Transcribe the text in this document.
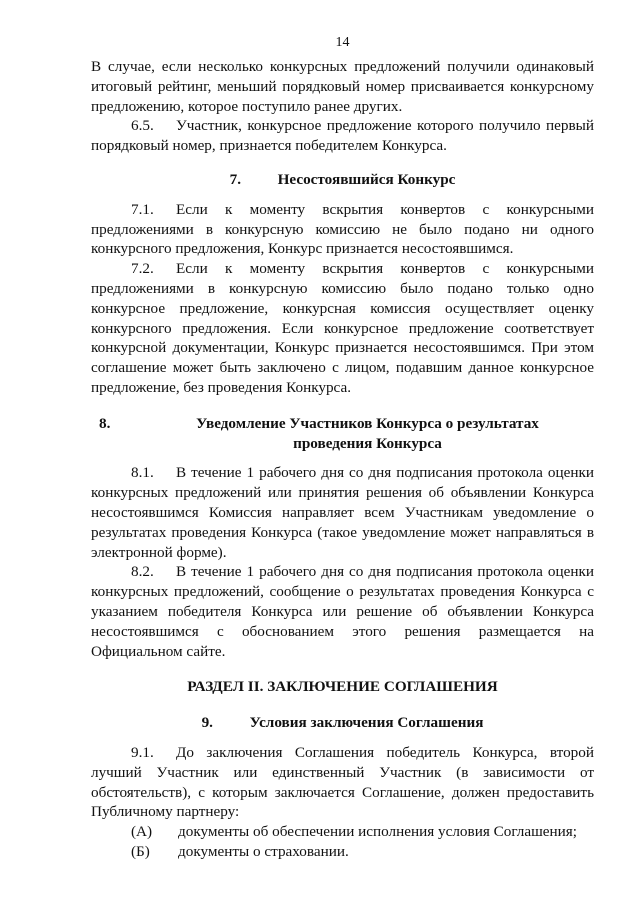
14

В случае, если несколько конкурсных предложений получили одинаковый итоговый рейтинг, меньший порядковый номер присваивается конкурсному предложению, которое поступило ранее других.

6.5. Участник, конкурсное предложение которого получило первый порядковый номер, признается победителем Конкурса.

7. Несостоявшийся Конкурс

7.1. Если к моменту вскрытия конвертов с конкурсными предложениями в конкурсную комиссию не было подано ни одного конкурсного предложения, Конкурс признается несостоявшимся.

7.2. Если к моменту вскрытия конвертов с конкурсными предложениями в конкурсную комиссию было подано только одно конкурсное предложение, конкурсная комиссия осуществляет оценку конкурсного предложения. Если конкурсное предложение соответствует конкурсной документации, Конкурс признается несостоявшимся. При этом соглашение может быть заключено с лицом, подавшим данное конкурсное предложение, без проведения Конкурса.

8.	Уведомление Участников Конкурса о результатах проведения Конкурса

8.1. В течение 1 рабочего дня со дня подписания протокола оценки конкурсных предложений или принятия решения об объявлении Конкурса несостоявшимся Комиссия направляет всем Участникам уведомление о результатах проведения Конкурса (такое уведомление может направляться в электронной форме).

8.2. В течение 1 рабочего дня со дня подписания протокола оценки конкурсных предложений, сообщение о результатах проведения Конкурса с указанием победителя Конкурса или решение об объявлении Конкурса несостоявшимся с обоснованием этого решения размещается на Официальном сайте.

РАЗДЕЛ II. ЗАКЛЮЧЕНИЕ СОГЛАШЕНИЯ

9. Условия заключения Соглашения

9.1. До заключения Соглашения победитель Конкурса, второй лучший Участник или единственный Участник (в зависимости от обстоятельств), с которым заключается Соглашение, должен предоставить Публичному партнеру:

(А)	документы об обеспечении исполнения условия Соглашения;
(Б)	документы о страховании.
